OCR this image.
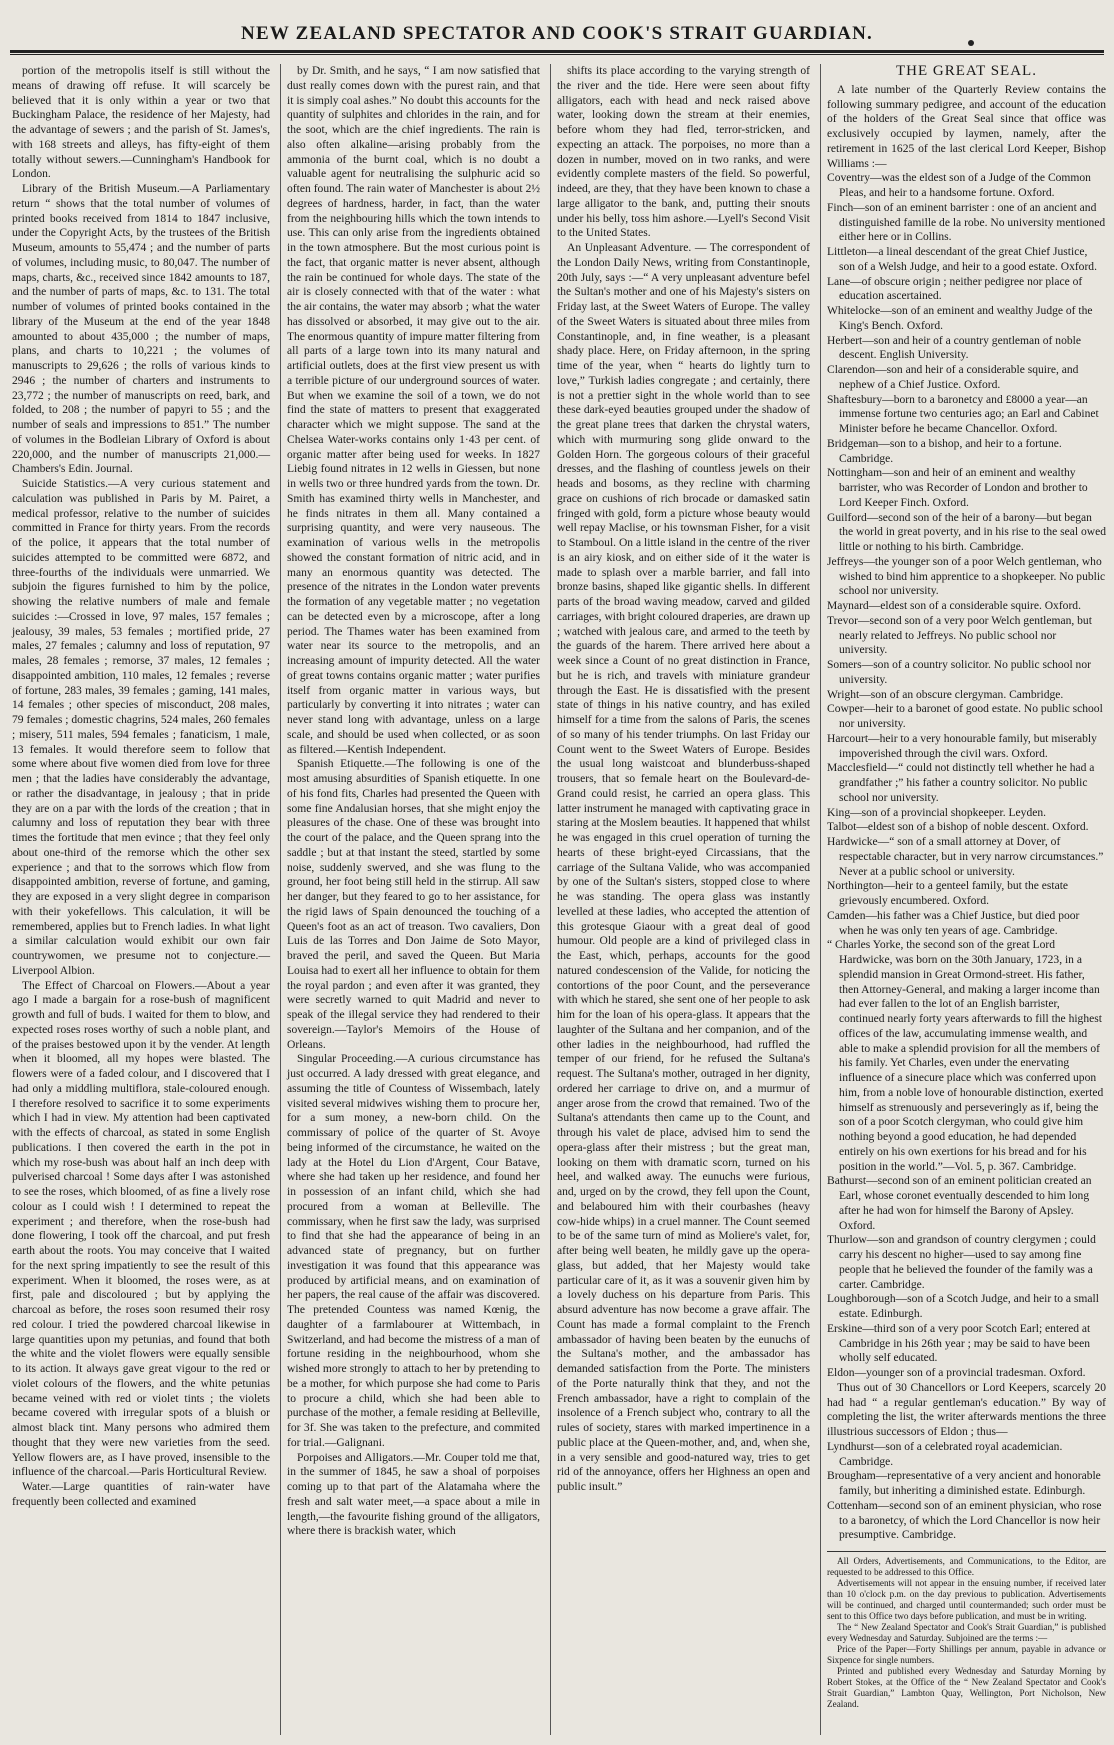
NEW ZEALAND SPECTATOR AND COOK'S STRAIT GUARDIAN.

portion of the metropolis itself is still without the means of drawing off refuse. It will scarcely be believed that it is only within a year or two that Buckingham Palace, the residence of her Majesty, had the advantage of sewers ; and the parish of St. James's, with 168 streets and alleys, has fifty-eight of them totally without sewers.—Cunningham's Handbook for London.

Library of the British Museum.—A Parliamentary return “ shows that the total number of volumes of printed books received from 1814 to 1847 inclusive, under the Copyright Acts, by the trustees of the British Museum, amounts to 55,474 ; and the number of parts of volumes, including music, to 80,047. The number of maps, charts, &c., received since 1842 amounts to 187, and the number of parts of maps, &c. to 131. The total number of volumes of printed books contained in the library of the Museum at the end of the year 1848 amounted to about 435,000 ; the number of maps, plans, and charts to 10,221 ; the volumes of manuscripts to 29,626 ; the rolls of various kinds to 2946 ; the number of charters and instruments to 23,772 ; the number of manuscripts on reed, bark, and folded, to 208 ; the number of papyri to 55 ; and the number of seals and impressions to 851.” The number of volumes in the Bodleian Library of Oxford is about 220,000, and the number of manuscripts 21,000.—Chambers's Edin. Journal.

Suicide Statistics.—A very curious statement and calculation was published in Paris by M. Pairet, a medical professor, relative to the number of suicides committed in France for thirty years. From the records of the police, it appears that the total number of suicides attempted to be committed were 6872, and three-fourths of the individuals were unmarried. We subjoin the figures furnished to him by the police, showing the relative numbers of male and female suicides :—Crossed in love, 97 males, 157 females ; jealousy, 39 males, 53 females ; mortified pride, 27 males, 27 females ; calumny and loss of reputation, 97 males, 28 females ; remorse, 37 males, 12 females ; disappointed ambition, 110 males, 12 females ; reverse of fortune, 283 males, 39 females ; gaming, 141 males, 14 females ; other species of misconduct, 208 males, 79 females ; domestic chagrins, 524 males, 260 females ; misery, 511 males, 594 females ; fanaticism, 1 male, 13 females. It would therefore seem to follow that some where about five women died from love for three men ; that the ladies have considerably the advantage, or rather the disadvantage, in jealousy ; that in pride they are on a par with the lords of the creation ; that in calumny and loss of reputation they bear with three times the fortitude that men evince ; that they feel only about one-third of the remorse which the other sex experience ; and that to the sorrows which flow from disappointed ambition, reverse of fortune, and gaming, they are exposed in a very slight degree in comparison with their yokefellows. This calculation, it will be remembered, applies but to French ladies. In what light a similar calculation would exhibit our own fair countrywomen, we presume not to conjecture.—Liverpool Albion.

The Effect of Charcoal on Flowers.—About a year ago I made a bargain for a rose-bush of magnificent growth and full of buds. I waited for them to blow, and expected roses roses worthy of such a noble plant, and of the praises bestowed upon it by the vender. At length when it bloomed, all my hopes were blasted. The flowers were of a faded colour, and I discovered that I had only a middling multiflora, stale-coloured enough. I therefore resolved to sacrifice it to some experiments which I had in view. My attention had been captivated with the effects of charcoal, as stated in some English publications. I then covered the earth in the pot in which my rose-bush was about half an inch deep with pulverised charcoal ! Some days after I was astonished to see the roses, which bloomed, of as fine a lively rose colour as I could wish ! I determined to repeat the experiment ; and therefore, when the rose-bush had done flowering, I took off the charcoal, and put fresh earth about the roots. You may conceive that I waited for the next spring impatiently to see the result of this experiment. When it bloomed, the roses were, as at first, pale and discoloured ; but by applying the charcoal as before, the roses soon resumed their rosy red colour. I tried the powdered charcoal likewise in large quantities upon my petunias, and found that both the white and the violet flowers were equally sensible to its action. It always gave great vigour to the red or violet colours of the flowers, and the white petunias became veined with red or violet tints ; the violets became covered with irregular spots of a bluish or almost black tint. Many persons who admired them thought that they were new varieties from the seed. Yellow flowers are, as I have proved, insensible to the influence of the charcoal.—Paris Horticultural Review.

Water.—Large quantities of rain-water have frequently been collected and examined

by Dr. Smith, and he says, “ I am now satisfied that dust really comes down with the purest rain, and that it is simply coal ashes.” No doubt this accounts for the quantity of sulphites and chlorides in the rain, and for the soot, which are the chief ingredients. The rain is also often alkaline—arising probably from the ammonia of the burnt coal, which is no doubt a valuable agent for neutralising the sulphuric acid so often found. The rain water of Manchester is about 2½ degrees of hardness, harder, in fact, than the water from the neighbouring hills which the town intends to use. This can only arise from the ingredients obtained in the town atmosphere. But the most curious point is the fact, that organic matter is never absent, although the rain be continued for whole days. The state of the air is closely connected with that of the water : what the air contains, the water may absorb ; what the water has dissolved or absorbed, it may give out to the air. The enormous quantity of impure matter filtering from all parts of a large town into its many natural and artificial outlets, does at the first view present us with a terrible picture of our underground sources of water. But when we examine the soil of a town, we do not find the state of matters to present that exaggerated character which we might suppose. The sand at the Chelsea Water-works contains only 1·43 per cent. of organic matter after being used for weeks. In 1827 Liebig found nitrates in 12 wells in Giessen, but none in wells two or three hundred yards from the town. Dr. Smith has examined thirty wells in Manchester, and he finds nitrates in them all. Many contained a surprising quantity, and were very nauseous. The examination of various wells in the metropolis showed the constant formation of nitric acid, and in many an enormous quantity was detected. The presence of the nitrates in the London water prevents the formation of any vegetable matter ; no vegetation can be detected even by a microscope, after a long period. The Thames water has been examined from water near its source to the metropolis, and an increasing amount of impurity detected. All the water of great towns contains organic matter ; water purifies itself from organic matter in various ways, but particularly by converting it into nitrates ; water can never stand long with advantage, unless on a large scale, and should be used when collected, or as soon as filtered.—Kentish Independent.

Spanish Etiquette.—The following is one of the most amusing absurdities of Spanish etiquette. In one of his fond fits, Charles had presented the Queen with some fine Andalusian horses, that she might enjoy the pleasures of the chase. One of these was brought into the court of the palace, and the Queen sprang into the saddle ; but at that instant the steed, startled by some noise, suddenly swerved, and she was flung to the ground, her foot being still held in the stirrup. All saw her danger, but they feared to go to her assistance, for the rigid laws of Spain denounced the touching of a Queen's foot as an act of treason. Two cavaliers, Don Luis de las Torres and Don Jaime de Soto Mayor, braved the peril, and saved the Queen. But Maria Louisa had to exert all her influence to obtain for them the royal pardon ; and even after it was granted, they were secretly warned to quit Madrid and never to speak of the illegal service they had rendered to their sovereign.—Taylor's Memoirs of the House of Orleans.

Singular Proceeding.—A curious circumstance has just occurred. A lady dressed with great elegance, and assuming the title of Countess of Wissembach, lately visited several midwives wishing them to procure her, for a sum money, a new-born child. On the commissary of police of the quarter of St. Avoye being informed of the circumstance, he waited on the lady at the Hotel du Lion d'Argent, Cour Batave, where she had taken up her residence, and found her in possession of an infant child, which she had procured from a woman at Belleville. The commissary, when he first saw the lady, was surprised to find that she had the appearance of being in an advanced state of pregnancy, but on further investigation it was found that this appearance was produced by artificial means, and on examination of her papers, the real cause of the affair was discovered. The pretended Countess was named Kœnig, the daughter of a farmlabourer at Wittembach, in Switzerland, and had become the mistress of a man of fortune residing in the neighbourhood, whom she wished more strongly to attach to her by pretending to be a mother, for which purpose she had come to Paris to procure a child, which she had been able to purchase of the mother, a female residing at Belleville, for 3f. She was taken to the prefecture, and commited for trial.—Galignani.

Porpoises and Alligators.—Mr. Couper told me that, in the summer of 1845, he saw a shoal of porpoises coming up to that part of the Alatamaha where the fresh and salt water meet,—a space about a mile in length,—the favourite fishing ground of the alligators, where there is brackish water, which

shifts its place according to the varying strength of the river and the tide. Here were seen about fifty alligators, each with head and neck raised above water, looking down the stream at their enemies, before whom they had fled, terror-stricken, and expecting an attack. The porpoises, no more than a dozen in number, moved on in two ranks, and were evidently complete masters of the field. So powerful, indeed, are they, that they have been known to chase a large alligator to the bank, and, putting their snouts under his belly, toss him ashore.—Lyell's Second Visit to the United States.

An Unpleasant Adventure. — The correspondent of the London Daily News, writing from Constantinople, 20th July, says :—“ A very unpleasant adventure befel the Sultan's mother and one of his Majesty's sisters on Friday last, at the Sweet Waters of Europe. The valley of the Sweet Waters is situated about three miles from Constantinople, and, in fine weather, is a pleasant shady place. Here, on Friday afternoon, in the spring time of the year, when “ hearts do lightly turn to love,” Turkish ladies congregate ; and certainly, there is not a prettier sight in the whole world than to see these dark-eyed beauties grouped under the shadow of the great plane trees that darken the chrystal waters, which with murmuring song glide onward to the Golden Horn. The gorgeous colours of their graceful dresses, and the flashing of countless jewels on their heads and bosoms, as they recline with charming grace on cushions of rich brocade or damasked satin fringed with gold, form a picture whose beauty would well repay Maclise, or his townsman Fisher, for a visit to Stamboul. On a little island in the centre of the river is an airy kiosk, and on either side of it the water is made to splash over a marble barrier, and fall into bronze basins, shaped like gigantic shells. In different parts of the broad waving meadow, carved and gilded carriages, with bright coloured draperies, are drawn up ; watched with jealous care, and armed to the teeth by the guards of the harem. There arrived here about a week since a Count of no great distinction in France, but he is rich, and travels with miniature grandeur through the East. He is dissatisfied with the present state of things in his native country, and has exiled himself for a time from the salons of Paris, the scenes of so many of his tender triumphs. On last Friday our Count went to the Sweet Waters of Europe. Besides the usual long waistcoat and blunderbuss-shaped trousers, that so female heart on the Boulevard-de-Grand could resist, he carried an opera glass. This latter instrument he managed with captivating grace in staring at the Moslem beauties. It happened that whilst he was engaged in this cruel operation of turning the hearts of these bright-eyed Circassians, that the carriage of the Sultana Valide, who was accompanied by one of the Sultan's sisters, stopped close to where he was standing. The opera glass was instantly levelled at these ladies, who accepted the attention of this grotesque Giaour with a great deal of good humour. Old people are a kind of privileged class in the East, which, perhaps, accounts for the good natured condescension of the Valide, for noticing the contortions of the poor Count, and the perseverance with which he stared, she sent one of her people to ask him for the loan of his opera-glass. It appears that the laughter of the Sultana and her companion, and of the other ladies in the neighbourhood, had ruffled the temper of our friend, for he refused the Sultana's request. The Sultana's mother, outraged in her dignity, ordered her carriage to drive on, and a murmur of anger arose from the crowd that remained. Two of the Sultana's attendants then came up to the Count, and through his valet de place, advised him to send the opera-glass after their mistress ; but the great man, looking on them with dramatic scorn, turned on his heel, and walked away. The eunuchs were furious, and, urged on by the crowd, they fell upon the Count, and belaboured him with their courbashes (heavy cow-hide whips) in a cruel manner. The Count seemed to be of the same turn of mind as Moliere's valet, for, after being well beaten, he mildly gave up the opera-glass, but added, that her Majesty would take particular care of it, as it was a souvenir given him by a lovely duchess on his departure from Paris. This absurd adventure has now become a grave affair. The Count has made a formal complaint to the French ambassador of having been beaten by the eunuchs of the Sultana's mother, and the ambassador has demanded satisfaction from the Porte. The ministers of the Porte naturally think that they, and not the French ambassador, have a right to complain of the insolence of a French subject who, contrary to all the rules of society, stares with marked impertinence in a public place at the Queen-mother, and, and, when she, in a very sensible and good-natured way, tries to get rid of the annoyance, offers her Highness an open and public insult.”

THE GREAT SEAL.

A late number of the Quarterly Review contains the following summary pedigree, and account of the education of the holders of the Great Seal since that office was exclusively occupied by laymen, namely, after the retirement in 1625 of the last clerical Lord Keeper, Bishop Williams :—

Coventry—was the eldest son of a Judge of the Common Pleas, and heir to a handsome fortune. Oxford.

Finch—son of an eminent barrister : one of an ancient and distinguished famille de la robe. No university mentioned either here or in Collins.

Littleton—a lineal descendant of the great Chief Justice, son of a Welsh Judge, and heir to a good estate. Oxford.

Lane—of obscure origin ; neither pedigree nor place of education ascertained.

Whitelocke—son of an eminent and wealthy Judge of the King's Bench. Oxford.

Herbert—son and heir of a country gentleman of noble descent. English University.

Clarendon—son and heir of a considerable squire, and nephew of a Chief Justice. Oxford.

Shaftesbury—born to a baronetcy and £8000 a year—an immense fortune two centuries ago; an Earl and Cabinet Minister before he became Chancellor. Oxford.

Bridgeman—son to a bishop, and heir to a fortune. Cambridge.

Nottingham—son and heir of an eminent and wealthy barrister, who was Recorder of London and brother to Lord Keeper Finch. Oxford.

Guilford—second son of the heir of a barony—but began the world in great poverty, and in his rise to the seal owed little or nothing to his birth. Cambridge.

Jeffreys—the younger son of a poor Welch gentleman, who wished to bind him apprentice to a shopkeeper. No public school nor university.

Maynard—eldest son of a considerable squire. Oxford.

Trevor—second son of a very poor Welch gentleman, but nearly related to Jeffreys. No public school nor university.

Somers—son of a country solicitor. No public school nor university.

Wright—son of an obscure clergyman. Cambridge.

Cowper—heir to a baronet of good estate. No public school nor university.

Harcourt—heir to a very honourable family, but miserably impoverished through the civil wars. Oxford.

Macclesfield—“ could not distinctly tell whether he had a grandfather ;” his father a country solicitor. No public school nor university.

King—son of a provincial shopkeeper. Leyden.

Talbot—eldest son of a bishop of noble descent. Oxford.

Hardwicke—“ son of a small attorney at Dover, of respectable character, but in very narrow circumstances.” Never at a public school or university.

Northington—heir to a genteel family, but the estate grievously encumbered. Oxford.

Camden—his father was a Chief Justice, but died poor when he was only ten years of age. Cambridge.

“ Charles Yorke, the second son of the great Lord Hardwicke, was born on the 30th January, 1723, in a splendid mansion in Great Ormond-street. His father, then Attorney-General, and making a larger income than had ever fallen to the lot of an English barrister, continued nearly forty years afterwards to fill the highest offices of the law, accumulating immense wealth, and able to make a splendid provision for all the members of his family. Yet Charles, even under the enervating influence of a sinecure place which was conferred upon him, from a noble love of honourable distinction, exerted himself as strenuously and perseveringly as if, being the son of a poor Scotch clergyman, who could give him nothing beyond a good education, he had depended entirely on his own exertions for his bread and for his position in the world.”—Vol. 5, p. 367. Cambridge.

Bathurst—second son of an eminent politician created an Earl, whose coronet eventually descended to him long after he had won for himself the Barony of Apsley. Oxford.

Thurlow—son and grandson of country clergymen ; could carry his descent no higher—used to say among fine people that he believed the founder of the family was a carter. Cambridge.

Loughborough—son of a Scotch Judge, and heir to a small estate. Edinburgh.

Erskine—third son of a very poor Scotch Earl; entered at Cambridge in his 26th year ; may be said to have been wholly self educated.

Eldon—younger son of a provincial tradesman. Oxford.

Thus out of 30 Chancellors or Lord Keepers, scarcely 20 had had “ a regular gentleman's education.” By way of completing the list, the writer afterwards mentions the three illustrious successors of Eldon ; thus—

Lyndhurst—son of a celebrated royal academician. Cambridge.

Brougham—representative of a very ancient and honorable family, but inheriting a diminished estate. Edinburgh.

Cottenham—second son of an eminent physician, who rose to a baronetcy, of which the Lord Chancellor is now heir presumptive. Cambridge.

All Orders, Advertisements, and Communications, to the Editor, are requested to be addressed to this Office.

Advertisements will not appear in the ensuing number, if received later than 10 o'clock p.m. on the day previous to publication. Advertisements will be continued, and charged until countermanded; such order must be sent to this Office two days before publication, and must be in writing.

The “ New Zealand Spectator and Cook's Strait Guardian,” is published every Wednesday and Saturday. Subjoined are the terms :—

Price of the Paper—Forty Shillings per annum, payable in advance or Sixpence for single numbers.

Printed and published every Wednesday and Saturday Morning by Robert Stokes, at the Office of the “ New Zealand Spectator and Cook's Strait Guardian,” Lambton Quay, Wellington, Port Nicholson, New Zealand.
